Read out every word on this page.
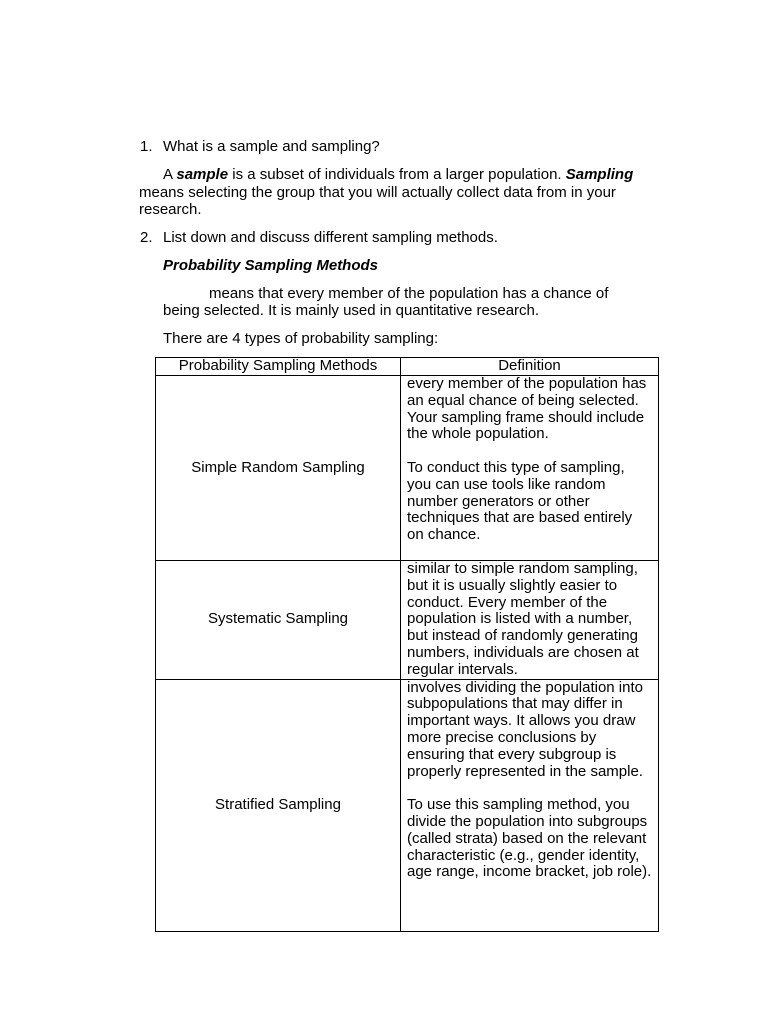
1. What is a sample and sampling?
A sample is a subset of individuals from a larger population. Sampling
means selecting the group that you will actually collect data from in your
research.
2. List down and discuss different sampling methods.
Probability Sampling Methods
means that every member of the population has a chance of
being selected. It is mainly used in quantitative research.
There are 4 types of probability sampling:
Probability Sampling Methods	Definition
Simple Random Sampling	every member of the population has an equal chance of being selected. Your sampling frame should include the whole population.
To conduct this type of sampling, you can use tools like random number generators or other techniques that are based entirely on chance.

Systematic Sampling	similar to simple random sampling, but it is usually slightly easier to conduct. Every member of the population is listed with a number, but instead of randomly generating numbers, individuals are chosen at regular intervals.

Stratified Sampling	involves dividing the population into subpopulations that may differ in important ways. It allows you draw more precise conclusions by ensuring that every subgroup is properly represented in the sample.
To use this sampling method, you divide the population into subgroups (called strata) based on the relevant characteristic (e.g., gender identity, age range, income bracket, job role).
